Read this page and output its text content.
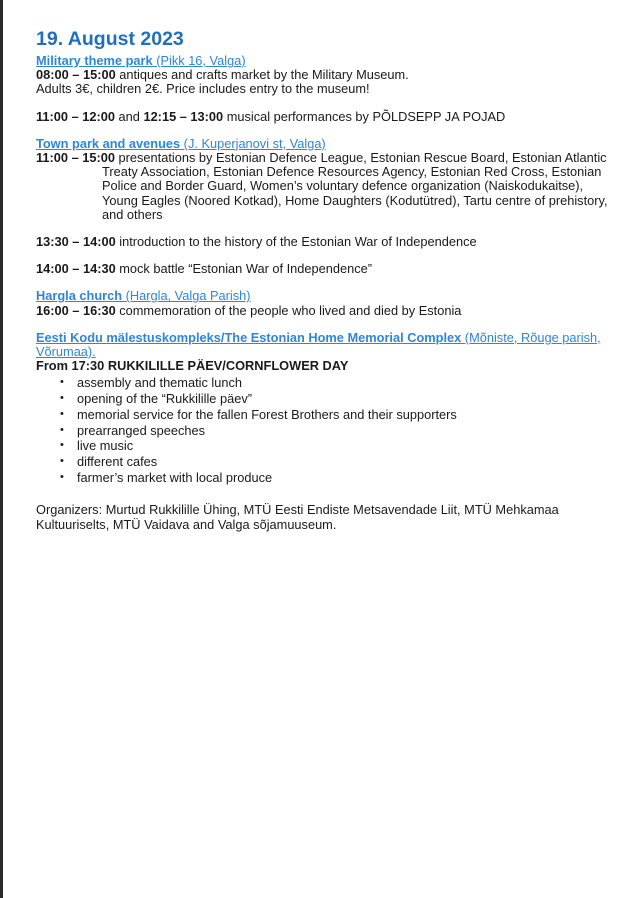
19. August 2023

Military theme park (Pikk 16, Valga)

08:00 – 15:00 antiques and crafts market by the Military Museum.

Adults 3€, children 2€. Price includes entry to the museum!

11:00 – 12:00 and 12:15 – 13:00 musical performances by PÕLDSEPP JA POJAD

Town park and avenues (J. Kuperjanovi st, Valga)

11:00 – 15:00 presentations by Estonian Defence League, Estonian Rescue Board, Estonian Atlantic Treaty Association, Estonian Defence Resources Agency, Estonian Red Cross, Estonian Police and Border Guard, Women’s voluntary defence organization (Naiskodukaitse), Young Eagles (Noored Kotkad), Home Daughters (Kodutütred), Tartu centre of prehistory, and others

13:30 – 14:00 introduction to the history of the Estonian War of Independence

14:00 – 14:30 mock battle “Estonian War of Independence”

Hargla church (Hargla, Valga Parish)

16:00 – 16:30 commemoration of the people who lived and died by Estonia

Eesti Kodu mälestuskompleks/The Estonian Home Memorial Complex (Mõniste, Rõuge parish, Võrumaa).

From 17:30 RUKKILILLE PÄEV/CORNFLOWER DAY

• assembly and thematic lunch
• opening of the “Rukkilille päev”
• memorial service for the fallen Forest Brothers and their supporters
• prearranged speeches
• live music
• different cafes
• farmer’s market with local produce

Organizers: Murtud Rukkilille Ühing, MTÜ Eesti Endiste Metsavendade Liit, MTÜ Mehkamaa Kultuuriselts, MTÜ Vaidava and Valga sõjamuuseum.
